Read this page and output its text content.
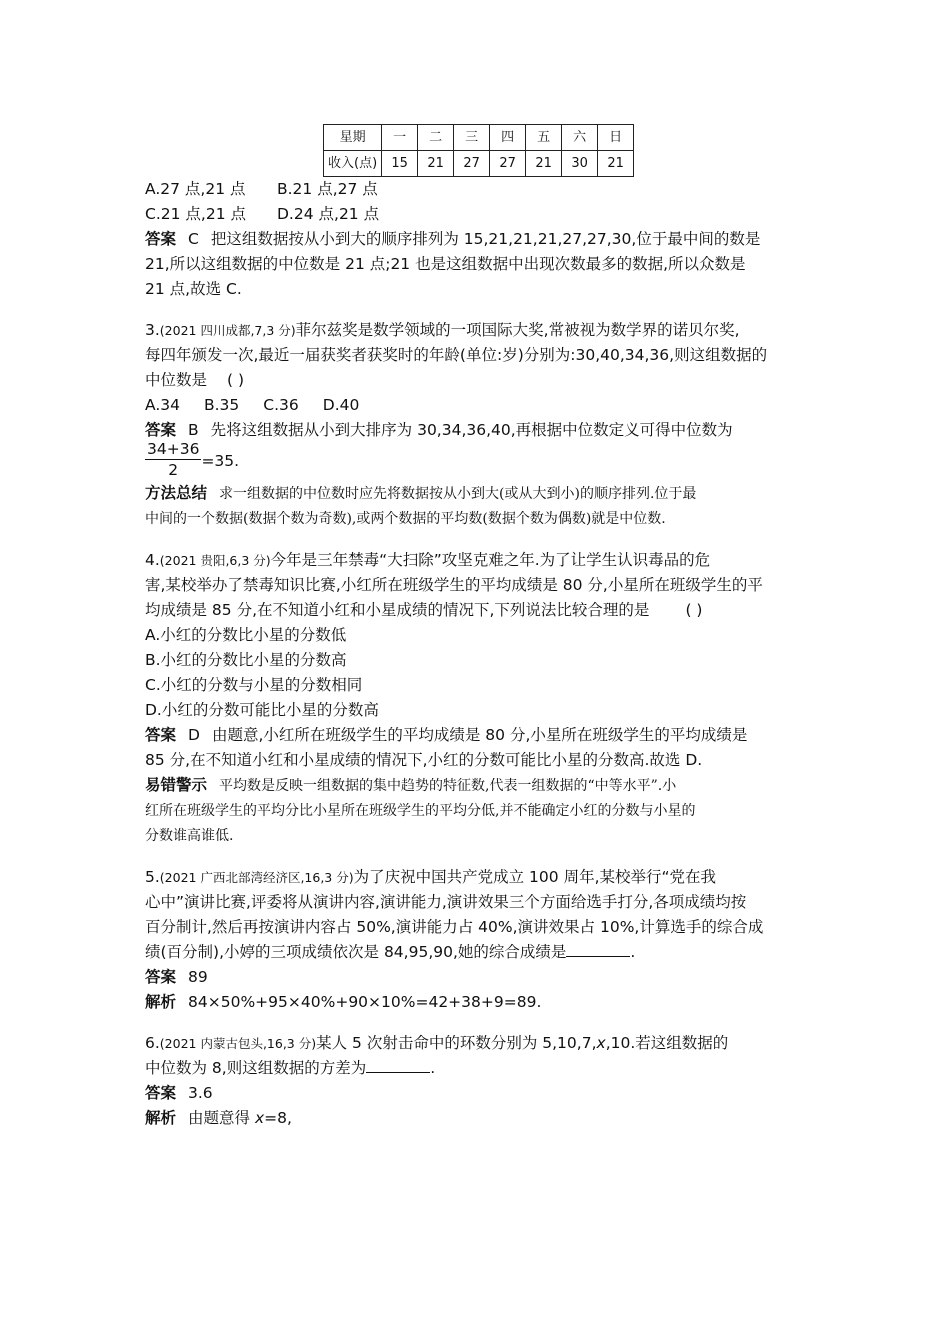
星期	一	二	三	四	五	六	日
收入(点)	15	21	27	27	21	30	21

A.27 点,21 点 B.21 点,27 点

C.21 点,21 点 D.24 点,21 点

答案 C 把这组数据按从小到大的顺序排列为 15,21,21,21,27,27,30,位于最中间的数是

21,所以这组数据的中位数是 21 点;21 也是这组数据中出现次数最多的数据,所以众数是

21 点,故选 C.

3.(2021 四川成都,7,3 分)菲尔兹奖是数学领域的一项国际大奖,常被视为数学界的诺贝尔奖,

每四年颁发一次,最近一届获奖者获奖时的年龄(单位:岁)分别为:30,40,34,36,则这组数据的

中位数是 ( )

A.34 B.35 C.36 D.40

答案 B 先将这组数据从小到大排序为 30,34,36,40,再根据中位数定义可得中位数为

$\frac{34+36}{2} =35$.

方法总结 求一组数据的中位数时应先将数据按从小到大(或从大到小)的顺序排列.位于最

中间的一个数据(数据个数为奇数),或两个数据的平均数(数据个数为偶数)就是中位数.

4.(2021 贵阳,6,3 分)今年是三年禁毒“大扫除”攻坚克难之年.为了让学生认识毒品的危

害,某校举办了禁毒知识比赛,小红所在班级学生的平均成绩是 80 分,小星所在班级学生的平

均成绩是 85 分,在不知道小红和小星成绩的情况下,下列说法比较合理的是 ( )

A.小红的分数比小星的分数低

B.小红的分数比小星的分数高

C.小红的分数与小星的分数相同

D.小红的分数可能比小星的分数高

答案 D 由题意,小红所在班级学生的平均成绩是 80 分,小星所在班级学生的平均成绩是

85 分,在不知道小红和小星成绩的情况下,小红的分数可能比小星的分数高.故选 D.

易错警示 平均数是反映一组数据的集中趋势的特征数,代表一组数据的“中等水平”.小

红所在班级学生的平均分比小星所在班级学生的平均分低,并不能确定小红的分数与小星的

分数谁高谁低.

5.(2021 广西北部湾经济区,16,3 分)为了庆祝中国共产党成立 100 周年,某校举行“党在我

心中”演讲比赛,评委将从演讲内容,演讲能力,演讲效果三个方面给选手打分,各项成绩均按

百分制计,然后再按演讲内容占 50%,演讲能力占 40%,演讲效果占 10%,计算选手的综合成

绩(百分制),小婷的三项成绩依次是 84,95,90,她的综合成绩是	.

答案 89

解析 84×50%+95×40%+90×10%=42+38+9=89.

6.(2021 内蒙古包头,16,3 分)某人 5 次射击命中的环数分别为 5,10,7,x,10.若这组数据的

中位数为 8,则这组数据的方差为	.

答案 3.6

解析 由题意得 x=8,
